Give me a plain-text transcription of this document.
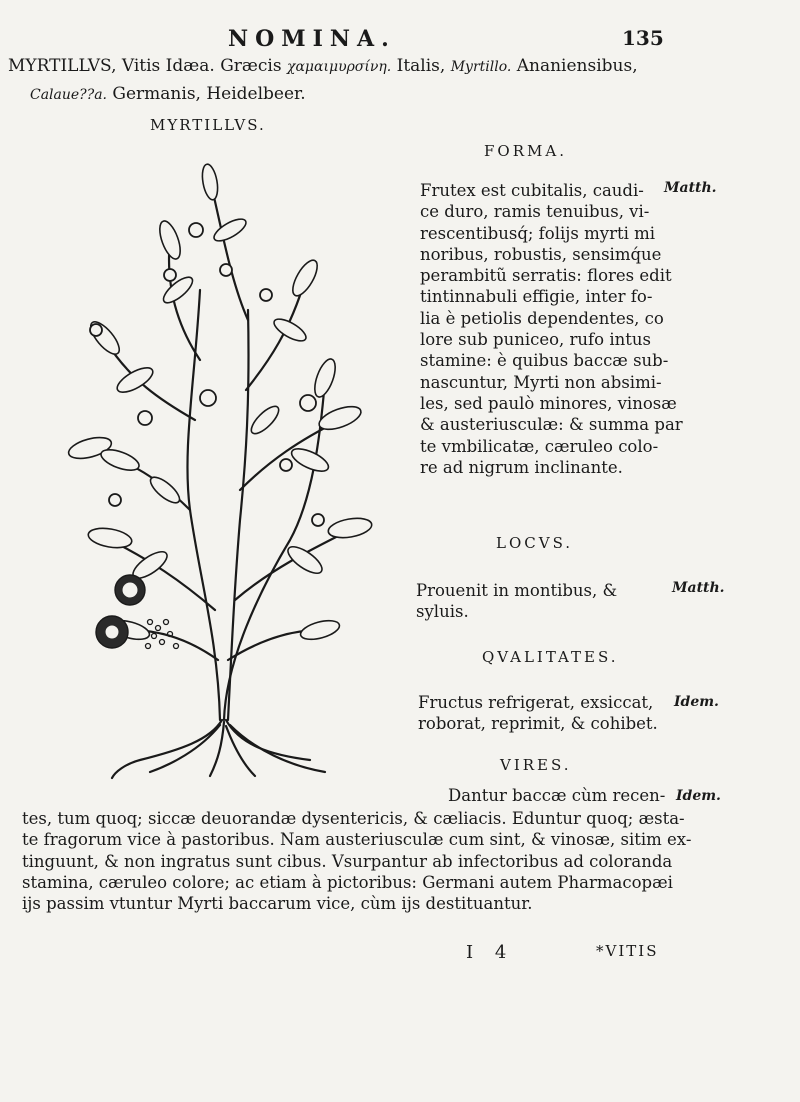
NOMINA.	135
MYRTILLVS, Vitis Idæa. Græcis χαμαιμυρσίνη. Italis, Myrtillo. Ananiensibus,
Calaue??a. Germanis, Heidelbeer.
MYRTILLVS.
FORMA.
Matth.
Frutex est cubitalis, caudi-
ce duro, ramis tenuibus, vi-
rescentibusq́; folijs myrti mi
noribus, robustis, sensimq́ue
perambitũ serratis: flores edit
tintinnabuli effigie, inter fo-
lia è petiolis dependentes, co
lore sub puniceo, rufo intus
stamine: è quibus baccæ sub-
nascuntur, Myrti non absimi-
les, sed paulò minores, vinosæ
& austeriusculæ: & summa par
te vmbilicatæ, cæruleo colo-
re ad nigrum inclinante.
LOCVS.
Matth.
Prouenit in montibus, &
syluis.
QVALITATES.
Idem.
Fructus refrigerat, exsiccat,
roborat, reprimit, & cohibet.
VIRES.
Idem.
Dantur baccæ cùm recen-
tes, tum quoq; siccæ deuorandæ dysentericis, & cæliacis. Eduntur quoq; æsta-
te fragorum vice à pastoribus. Nam austeriusculæ cum sint, & vinosæ, sitim ex-
tinguunt, & non ingratus sunt cibus. Vsurpantur ab infectoribus ad coloranda
stamina, cæruleo colore; ac etiam à pictoribus: Germani autem Pharmacopæi
ijs passim vtuntur Myrti baccarum vice, cùm ijs destituantur.
I 4	*VITIS
